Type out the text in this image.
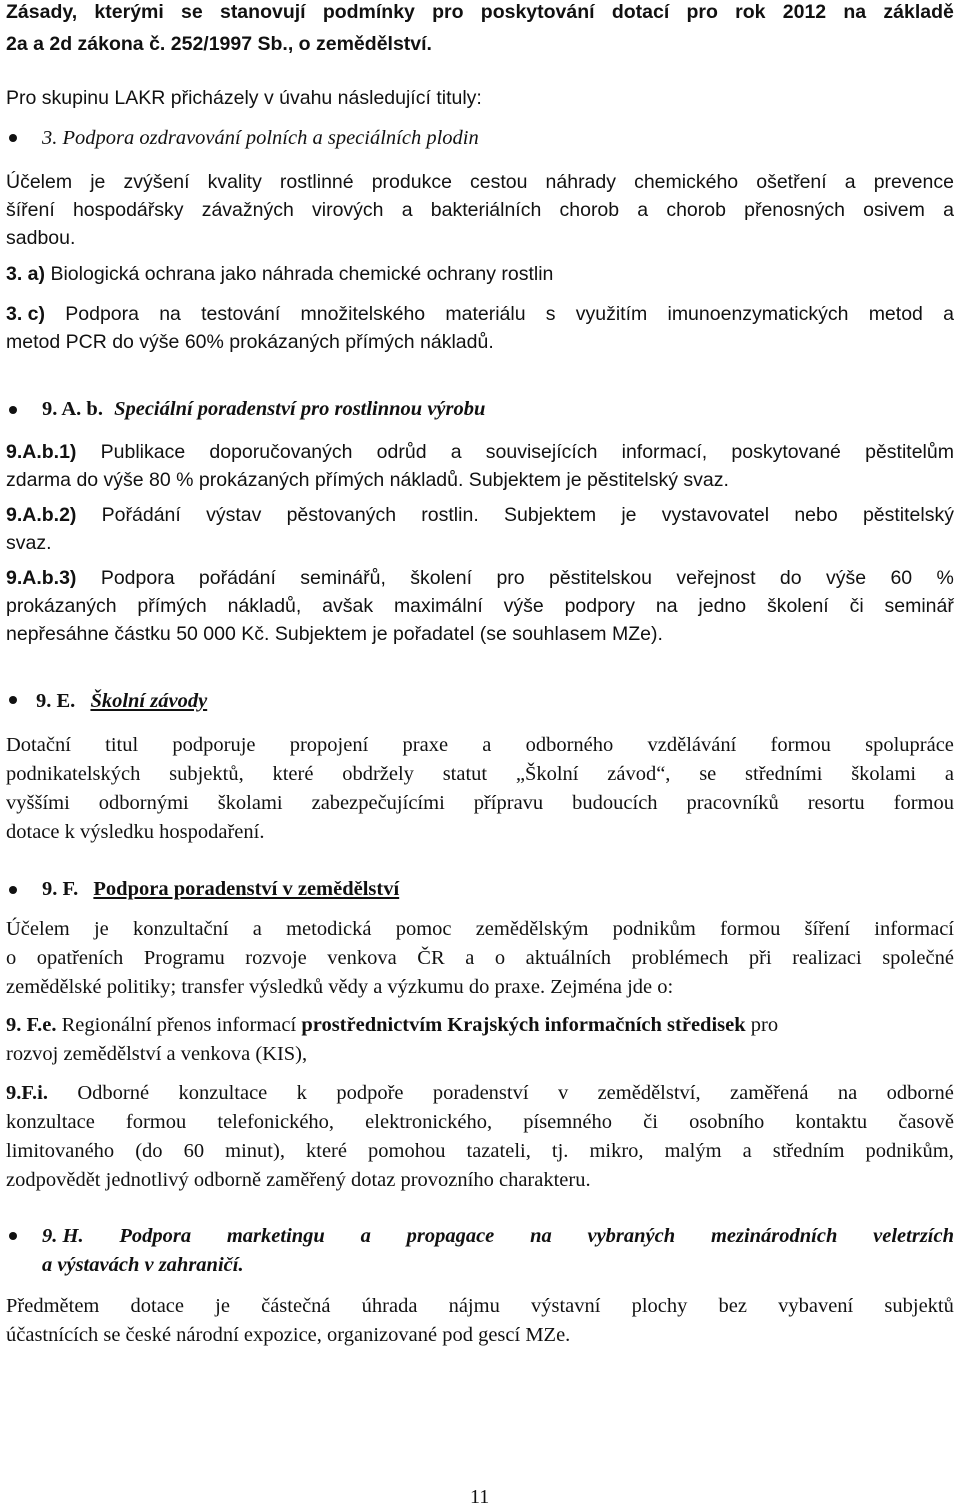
Zásady, kterými se stanovují podmínky pro poskytování dotací pro rok 2012 na základě
2a a 2d zákona č. 252/1997 Sb., o zemědělství.
Pro skupinu LAKR přicházely v úvahu následující tituly:
3. Podpora ozdravování polních a speciálních plodin
Účelem je zvýšení kvality rostlinné produkce cestou náhrady chemického ošetření a prevence
šíření hospodářsky závažných virových a bakteriálních chorob a chorob přenosných osivem a
sadbou.
3. a) Biologická ochrana jako náhrada chemické ochrany rostlin
3. c) Podpora na testování množitelského materiálu s využitím imunoenzymatických metod a
metod PCR do výše 60% prokázaných přímých nákladů.
9. A. b. Speciální poradenství pro rostlinnou výrobu
9.A.b.1) Publikace doporučovaných odrůd a souvisejících informací, poskytované pěstitelům
zdarma do výše 80 % prokázaných přímých nákladů. Subjektem je pěstitelský svaz.
9.A.b.2) Pořádání výstav pěstovaných rostlin. Subjektem je vystavovatel nebo pěstitelský
svaz.
9.A.b.3) Podpora pořádání seminářů, školení pro pěstitelskou veřejnost do výše 60 %
prokázaných přímých nákladů, avšak maximální výše podpory na jedno školení či seminář
nepřesáhne částku 50 000 Kč. Subjektem je pořadatel (se souhlasem MZe).
9. E. Školní závody
Dotační titul podporuje propojení praxe a odborného vzdělávání formou spolupráce
podnikatelských subjektů, které obdržely statut „Školní závod“, se středními školami a
vyššími odbornými školami zabezpečujícími přípravu budoucích pracovníků resortu formou
dotace k výsledku hospodaření.
9. F. Podpora poradenství v zemědělství
Účelem je konzultační a metodická pomoc zemědělským podnikům formou šíření informací
o opatřeních Programu rozvoje venkova ČR a o aktuálních problémech při realizaci společné
zemědělské politiky; transfer výsledků vědy a výzkumu do praxe. Zejména jde o:
9. F.e. Regionální přenos informací prostřednictvím Krajských informačních středisek pro
rozvoj zemědělství a venkova (KIS),
9.F.i. Odborné konzultace k podpoře poradenství v zemědělství, zaměřená na odborné
konzultace formou telefonického, elektronického, písemného či osobního kontaktu časově
limitovaného (do 60 minut), které pomohou tazateli, tj. mikro, malým a středním podnikům,
zodpovědět jednotlivý odborně zaměřený dotaz provozního charakteru.
9. H. Podpora marketingu a propagace na vybraných mezinárodních veletrzích
a výstavách v zahraničí.
Předmětem dotace je částečná úhrada nájmu výstavní plochy bez vybavení subjektů
účastnících se české národní expozice, organizované pod gescí MZe.
11
